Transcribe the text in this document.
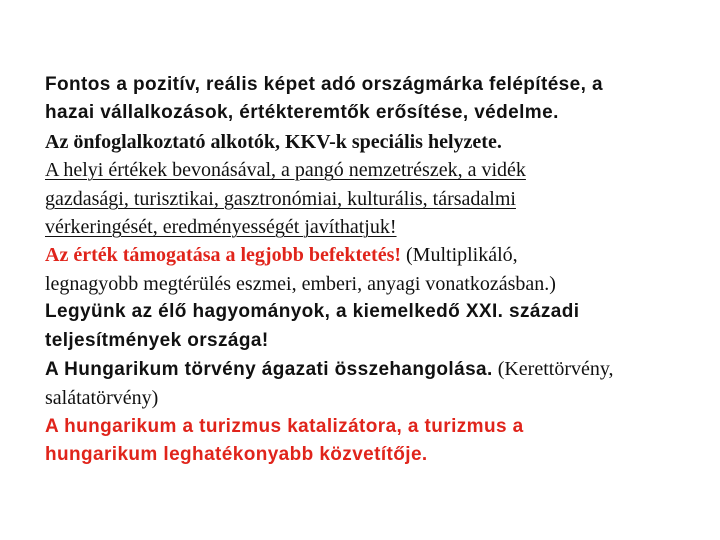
Fontos a pozitív, reális képet adó országmárka felépítése, a
hazai vállalkozások, értékteremtők erősítése, védelme.
Az önfoglalkoztató alkotók, KKV-k speciális helyzete.
A helyi értékek bevonásával, a pangó nemzetrészek, a vidék
gazdasági, turisztikai, gasztronómiai, kulturális, társadalmi
vérkeringését, eredményességét javíthatjuk!
Az érték támogatása a legjobb befektetés! (Multiplikáló,
legnagyobb megtérülés eszmei, emberi, anyagi vonatkozásban.)
Legyünk az élő hagyományok, a kiemelkedő XXI. századi
teljesítmények országa!
A Hungarikum törvény ágazati összehangolása. (Kerettörvény,
salátatörvény)
A hungarikum a turizmus katalizátora, a turizmus a
hungarikum leghatékonyabb közvetítője.
